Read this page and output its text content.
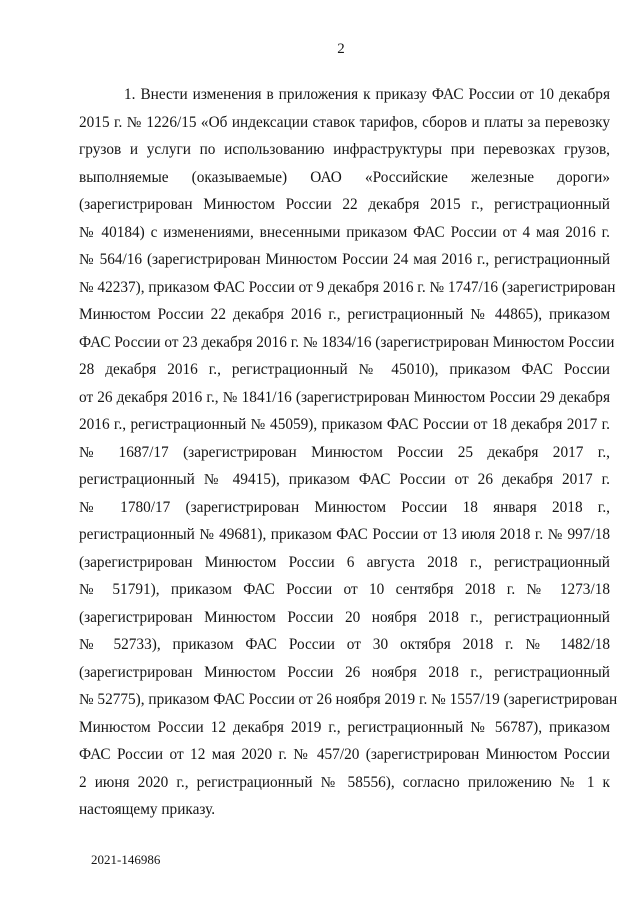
2
1. Внести изменения в приложения к приказу ФАС России от 10 декабря
2015 г. № 1226/15 «Об индексации ставок тарифов, сборов и платы за перевозку
грузов и услуги по использованию инфраструктуры при перевозках грузов,
выполняемые (оказываемые) ОАО «Российские железные дороги»
(зарегистрирован Минюстом России 22 декабря 2015 г., регистрационный
№ 40184) с изменениями, внесенными приказом ФАС России от 4 мая 2016 г.
№ 564/16 (зарегистрирован Минюстом России 24 мая 2016 г., регистрационный
№ 42237), приказом ФАС России от 9 декабря 2016 г. № 1747/16 (зарегистрирован
Минюстом России 22 декабря 2016 г., регистрационный № 44865), приказом
ФАС России от 23 декабря 2016 г. № 1834/16 (зарегистрирован Минюстом России
28 декабря 2016 г., регистрационный № 45010), приказом ФАС России
от 26 декабря 2016 г., № 1841/16 (зарегистрирован Минюстом России 29 декабря
2016 г., регистрационный № 45059), приказом ФАС России от 18 декабря 2017 г.
№ 1687/17 (зарегистрирован Минюстом России 25 декабря 2017 г.,
регистрационный № 49415), приказом ФАС России от 26 декабря 2017 г.
№ 1780/17 (зарегистрирован Минюстом России 18 января 2018 г.,
регистрационный № 49681), приказом ФАС России от 13 июля 2018 г. № 997/18
(зарегистрирован Минюстом России 6 августа 2018 г., регистрационный
№ 51791), приказом ФАС России от 10 сентября 2018 г. № 1273/18
(зарегистрирован Минюстом России 20 ноября 2018 г., регистрационный
№ 52733), приказом ФАС России от 30 октября 2018 г. № 1482/18
(зарегистрирован Минюстом России 26 ноября 2018 г., регистрационный
№ 52775), приказом ФАС России от 26 ноября 2019 г. № 1557/19 (зарегистрирован
Минюстом России 12 декабря 2019 г., регистрационный № 56787), приказом
ФАС России от 12 мая 2020 г. № 457/20 (зарегистрирован Минюстом России
2 июня 2020 г., регистрационный № 58556), согласно приложению № 1 к
настоящему приказу.
2021-146986
